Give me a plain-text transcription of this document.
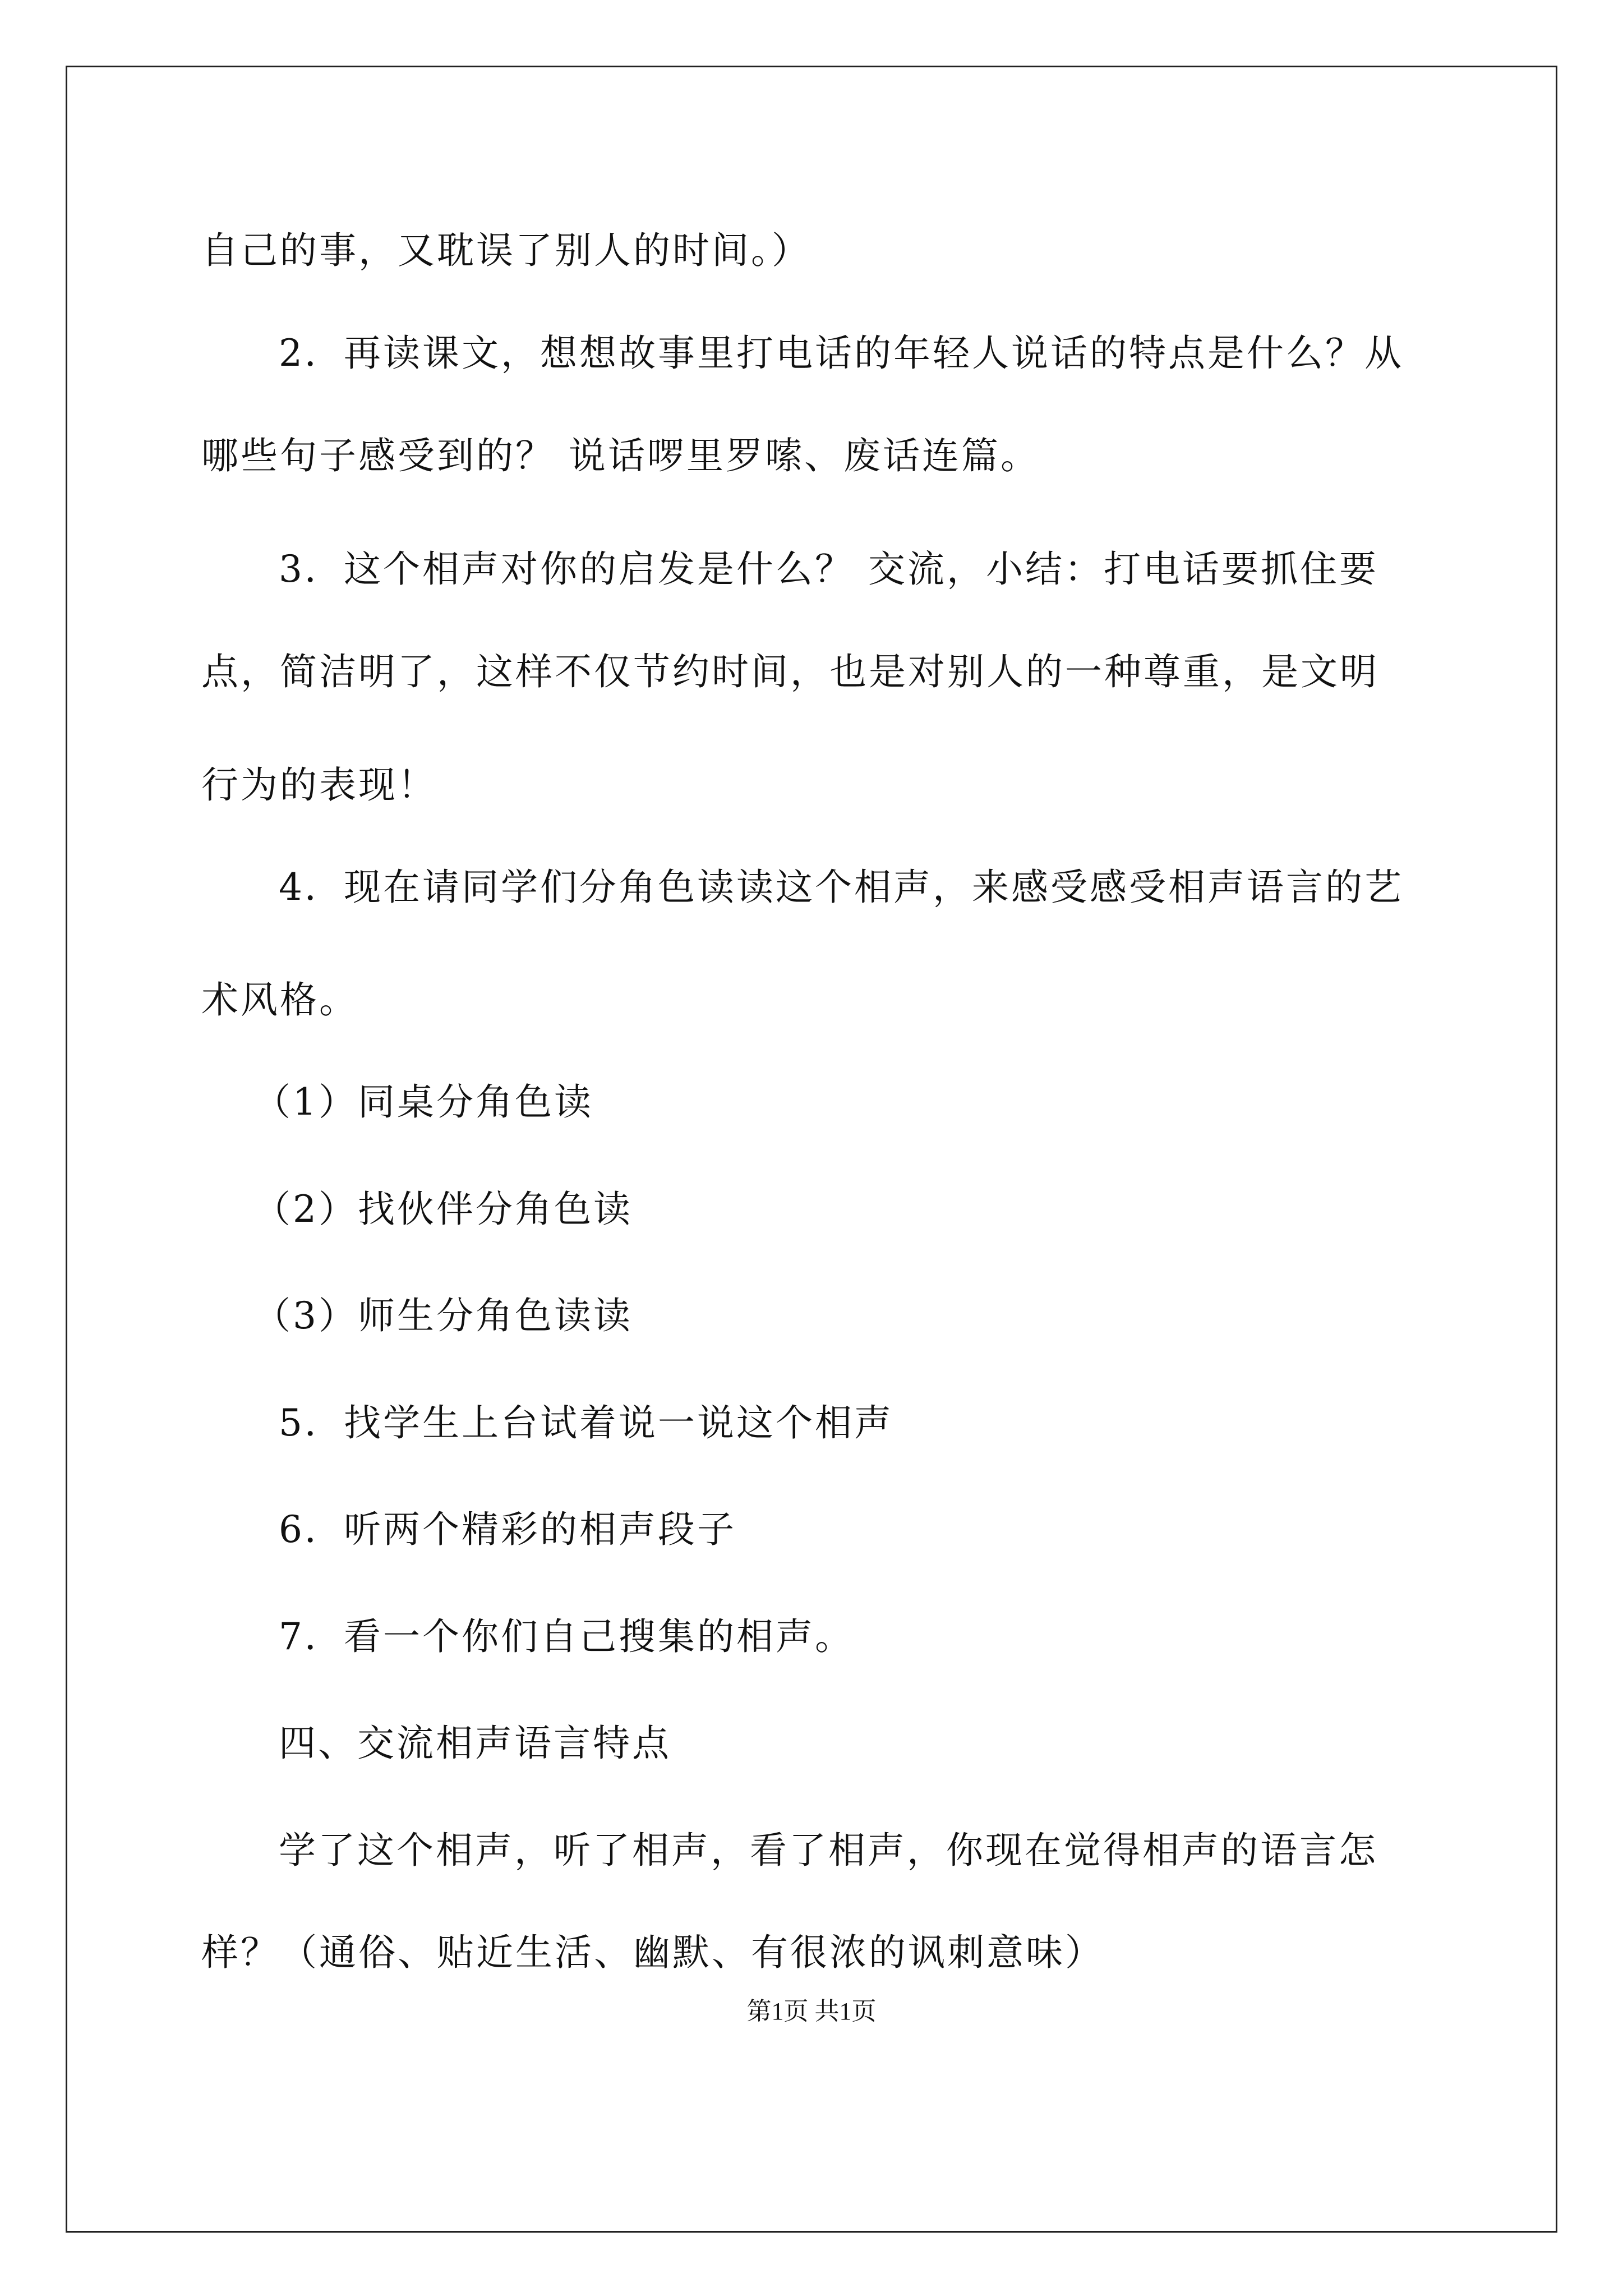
自己的事，又耽误了别人的时间。）
2．再读课文，想想故事里打电话的年轻人说话的特点是什么？从
哪些句子感受到的？ 说话啰里罗嗦、废话连篇。
3．这个相声对你的启发是什么？ 交流，小结：打电话要抓住要
点，简洁明了，这样不仅节约时间，也是对别人的一种尊重，是文明
行为的表现！
4．现在请同学们分角色读读这个相声，来感受感受相声语言的艺
术风格。
（1）同桌分角色读
（2）找伙伴分角色读
（3）师生分角色读读
5．找学生上台试着说一说这个相声
6．听两个精彩的相声段子
7．看一个你们自己搜集的相声。
四、交流相声语言特点
学了这个相声，听了相声，看了相声，你现在觉得相声的语言怎
样？（通俗、贴近生活、幽默、有很浓的讽刺意味）
第1页 共1页
